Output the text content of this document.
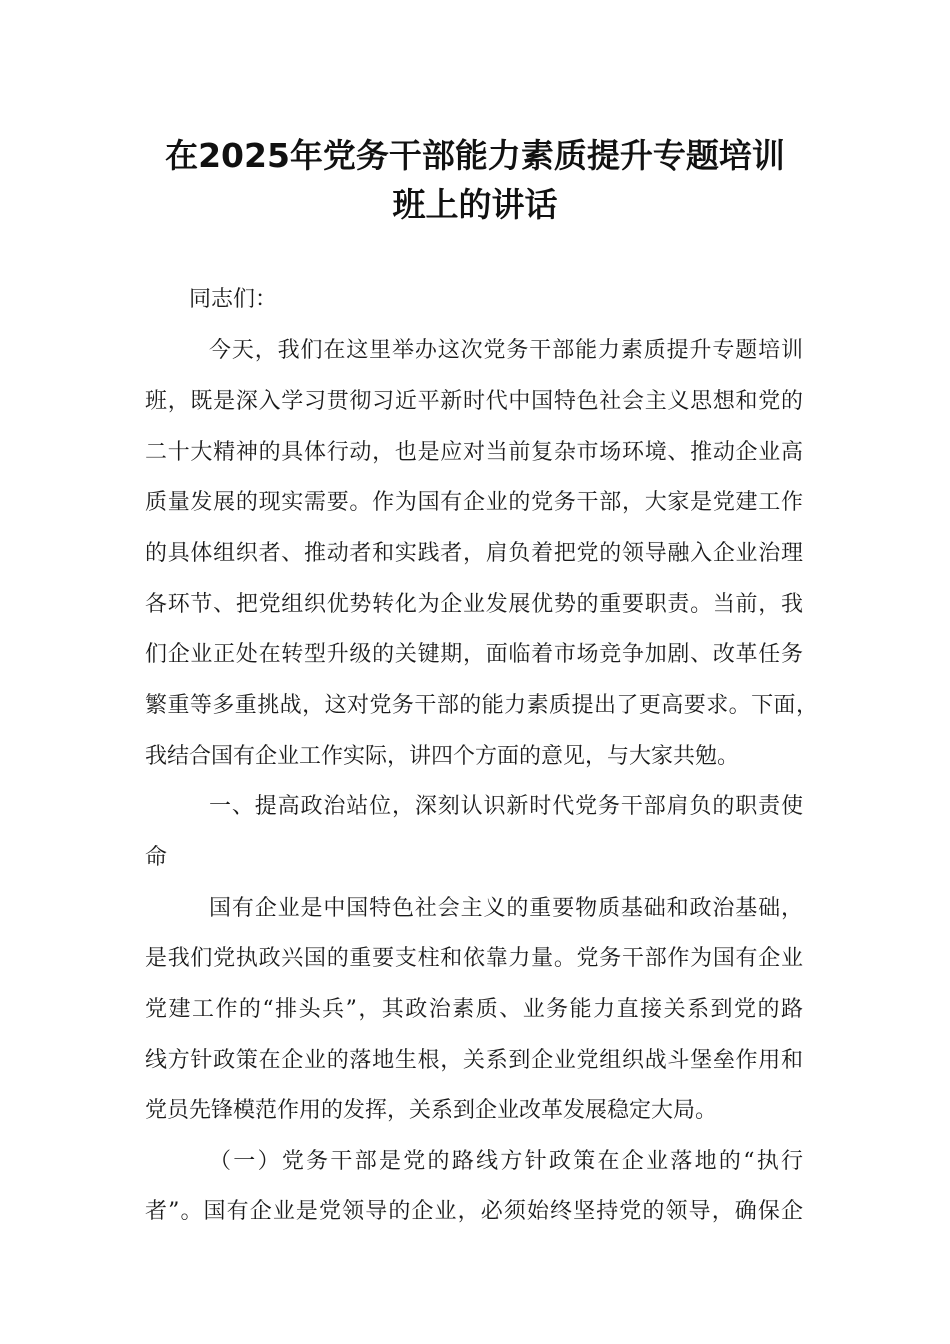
在2025年党务干部能力素质提升专题培训
班上的讲话
同志们：
今天，我们在这里举办这次党务干部能力素质提升专题培训
班，既是深入学习贯彻习近平新时代中国特色社会主义思想和党的
二十大精神的具体行动，也是应对当前复杂市场环境、推动企业高
质量发展的现实需要。作为国有企业的党务干部，大家是党建工作
的具体组织者、推动者和实践者，肩负着把党的领导融入企业治理
各环节、把党组织优势转化为企业发展优势的重要职责。当前，我
们企业正处在转型升级的关键期，面临着市场竞争加剧、改革任务
繁重等多重挑战，这对党务干部的能力素质提出了更高要求。下面，
我结合国有企业工作实际，讲四个方面的意见，与大家共勉。
一、提高政治站位，深刻认识新时代党务干部肩负的职责使
命
国有企业是中国特色社会主义的重要物质基础和政治基础，
是我们党执政兴国的重要支柱和依靠力量。党务干部作为国有企业
党建工作的“排头兵”，其政治素质、业务能力直接关系到党的路
线方针政策在企业的落地生根，关系到企业党组织战斗堡垒作用和
党员先锋模范作用的发挥，关系到企业改革发展稳定大局。
（一）党务干部是党的路线方针政策在企业落地的“执行
者”。国有企业是党领导的企业，必须始终坚持党的领导，确保企
